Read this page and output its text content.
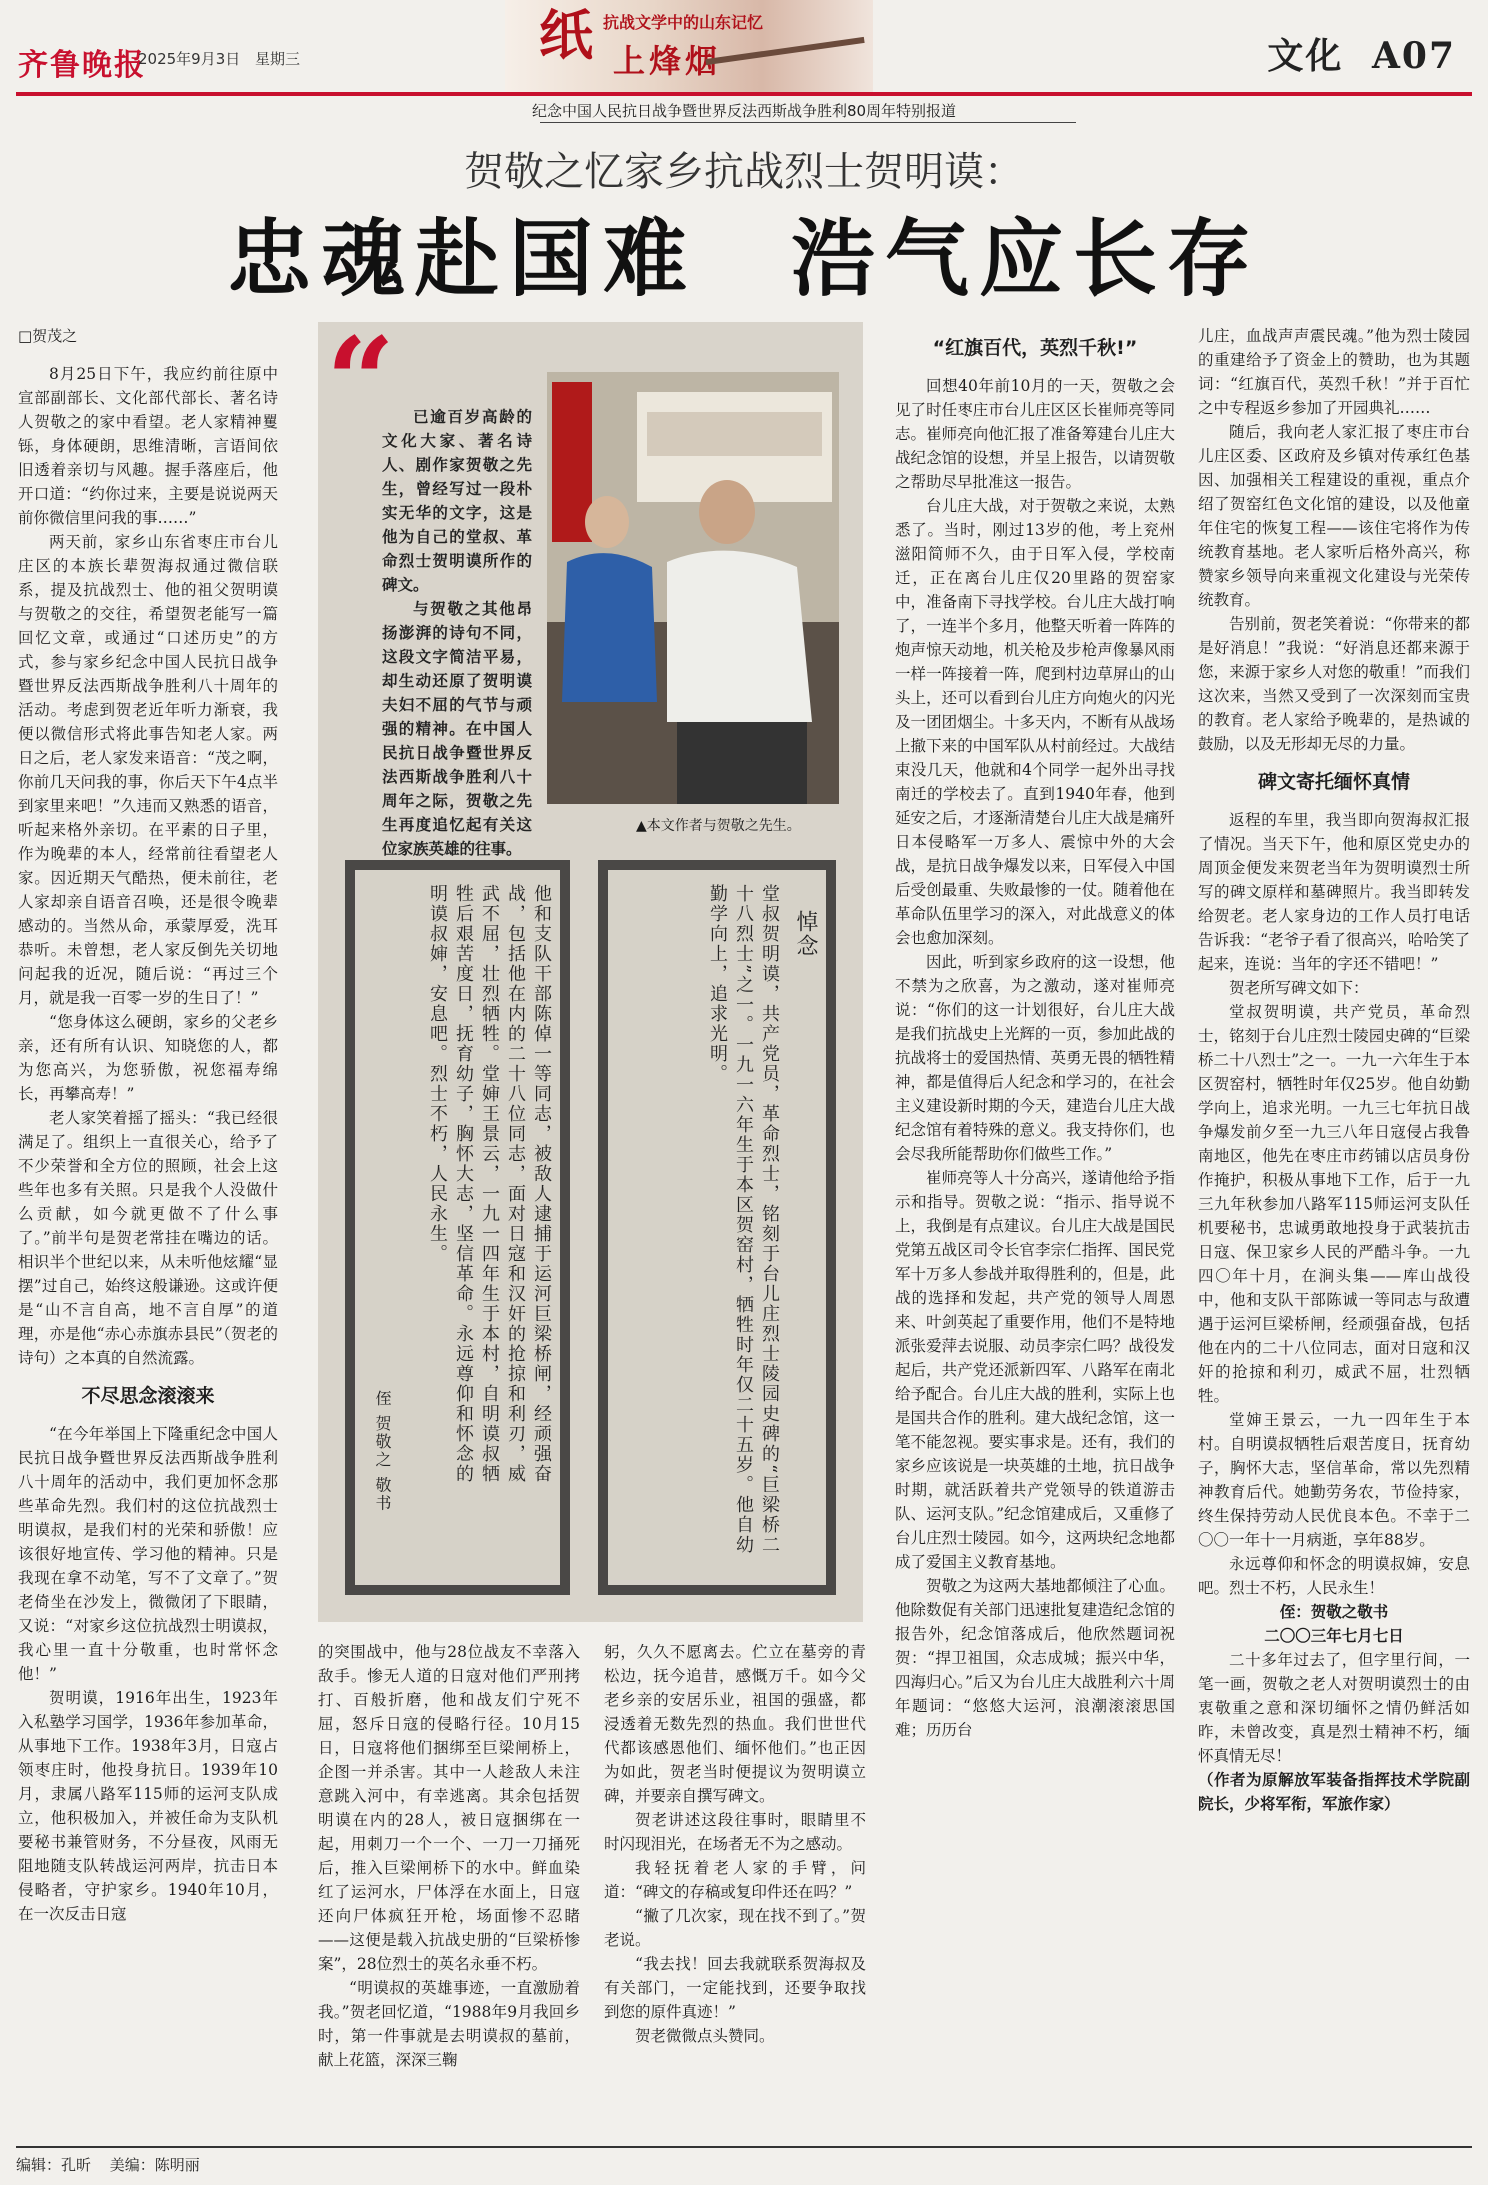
齐鲁晚报
2025年9月3日 星期三	纸 抗战文学中的山东记忆
上烽烟	文化 A07
纪念中国人民抗日战争暨世界反法西斯战争胜利80周年特别报道
贺敬之忆家乡抗战烈士贺明谟：
忠魂赴国难　浩气应长存
□贺茂之

8月25日下午，我应约前往原中宣部副部长、文化部代部长、著名诗人贺敬之的家中看望。老人家精神矍铄，身体硬朗，思维清晰，言语间依旧透着亲切与风趣。握手落座后，他开口道：“约你过来，主要是说说两天前你微信里问我的事……”

两天前，家乡山东省枣庄市台儿庄区的本族长辈贺海叔通过微信联系，提及抗战烈士、他的祖父贺明谟与贺敬之的交往，希望贺老能写一篇回忆文章，或通过“口述历史”的方式，参与家乡纪念中国人民抗日战争暨世界反法西斯战争胜利八十周年的活动。考虑到贺老近年听力渐衰，我便以微信形式将此事告知老人家。两日之后，老人家发来语音：“茂之啊，你前几天问我的事，你后天下午4点半到家里来吧！”久违而又熟悉的语音，听起来格外亲切。在平素的日子里，作为晚辈的本人，经常前往看望老人家。因近期天气酷热，便未前往，老人家却亲自语音召唤，还是很令晚辈感动的。当然从命，承蒙厚爱，洗耳恭听。未曾想，老人家反倒先关切地问起我的近况，随后说：“再过三个月，就是我一百零一岁的生日了！”

“您身体这么硬朗，家乡的父老乡亲，还有所有认识、知晓您的人，都为您高兴，为您骄傲，祝您福寿绵长，再攀高寿！”

老人家笑着摇了摇头：“我已经很满足了。组织上一直很关心，给予了不少荣誉和全方位的照顾，社会上这些年也多有关照。只是我个人没做什么贡献，如今就更做不了什么事了。”前半句是贺老常挂在嘴边的话。相识半个世纪以来，从未听他炫耀“显摆”过自己，始终这般谦逊。这或许便是“山不言自高，地不言自厚”的道理，亦是他“赤心赤旗赤县民”（贺老的诗句）之本真的自然流露。

不尽思念滚滚来

“在今年举国上下隆重纪念中国人民抗日战争暨世界反法西斯战争胜利八十周年的活动中，我们更加怀念那些革命先烈。我们村的这位抗战烈士明谟叔，是我们村的光荣和骄傲！应该很好地宣传、学习他的精神。只是我现在拿不动笔，写不了文章了。”贺老倚坐在沙发上，微微闭了下眼睛，又说：“对家乡这位抗战烈士明谟叔，我心里一直十分敬重，也时常怀念他！”

贺明谟，1916年出生，1923年入私塾学习国学，1936年参加革命，从事地下工作。1938年3月，日寇占领枣庄时，他投身抗日。1939年10月，隶属八路军115师的运河支队成立，他积极加入，并被任命为支队机要秘书兼管财务，不分昼夜，风雨无阻地随支队转战运河两岸，抗击日本侵略者，守护家乡。1940年10月，在一次反击日寇

“	已逾百岁高龄的文化大家、著名诗人、剧作家贺敬之先生，曾经写过一段朴实无华的文字，这是他为自己的堂叔、革命烈士贺明谟所作的碑文。

与贺敬之其他昂扬澎湃的诗句不同，这段文字简洁平易，却生动还原了贺明谟夫妇不屈的气节与顽强的精神。在中国人民抗日战争暨世界反法西斯战争胜利八十周年之际，贺敬之先生再度追忆起有关这位家族英雄的往事。

▲本文作者与贺敬之先生。
他和支队干部陈倬一等同志，被敌人逮捕于运河巨梁桥闸，经顽强奋战，包括他在内的二十八位同志，面对日寇和汉奸的抢掠和利刃，威武不屈，壮烈牺牲。堂婶王景云，一九一四年生于本村，自明谟叔牺牲后艰苦度日，抚育幼子，胸怀大志，坚信革命。永远尊仰和怀念的明谟叔婶，安息吧。烈士不朽，人民永生。
侄 贺敬之 敬书
悼念
堂叔贺明谟，共产党员，革命烈士，铭刻于台儿庄烈士陵园史碑的“巨梁桥二十八烈士”之一。一九一六年生于本区贺窑村，牺牲时年仅二十五岁。他自幼勤学向上，追求光明。

的突围战中，他与28位战友不幸落入敌手。惨无人道的日寇对他们严刑拷打、百般折磨，他和战友们宁死不屈，怒斥日寇的侵略行径。10月15日，日寇将他们捆绑至巨梁闸桥上，企图一并杀害。其中一人趁敌人未注意跳入河中，有幸逃离。其余包括贺明谟在内的28人，被日寇捆绑在一起，用刺刀一个一个、一刀一刀捅死后，推入巨梁闸桥下的水中。鲜血染红了运河水，尸体浮在水面上，日寇还向尸体疯狂开枪，场面惨不忍睹——这便是载入抗战史册的“巨梁桥惨案”，28位烈士的英名永垂不朽。

“明谟叔的英雄事迹，一直激励着我。”贺老回忆道，“1988年9月我回乡时，第一件事就是去明谟叔的墓前，献上花篮，深深三鞠

躬，久久不愿离去。伫立在墓旁的青松边，抚今追昔，感慨万千。如今父老乡亲的安居乐业，祖国的强盛，都浸透着无数先烈的热血。我们世世代代都该感恩他们、缅怀他们。”也正因为如此，贺老当时便提议为贺明谟立碑，并要亲自撰写碑文。

贺老讲述这段往事时，眼睛里不时闪现泪光，在场者无不为之感动。

我轻抚着老人家的手臂，问道：“碑文的存稿或复印件还在吗？”

“撇了几次家，现在找不到了。”贺老说。

“我去找！回去我就联系贺海叔及有关部门，一定能找到，还要争取找到您的原件真迹！”

贺老微微点头赞同。

“红旗百代，英烈千秋!”

回想40年前10月的一天，贺敬之会见了时任枣庄市台儿庄区区长崔师亮等同志。崔师亮向他汇报了准备筹建台儿庄大战纪念馆的设想，并呈上报告，以请贺敬之帮助尽早批准这一报告。

台儿庄大战，对于贺敬之来说，太熟悉了。当时，刚过13岁的他，考上兖州滋阳简师不久，由于日军入侵，学校南迁，正在离台儿庄仅20里路的贺窑家中，准备南下寻找学校。台儿庄大战打响了，一连半个多月，他整天听着一阵阵的炮声惊天动地，机关枪及步枪声像暴风雨一样一阵接着一阵，爬到村边草屏山的山头上，还可以看到台儿庄方向炮火的闪光及一团团烟尘。十多天内，不断有从战场上撤下来的中国军队从村前经过。大战结束没几天，他就和4个同学一起外出寻找南迁的学校去了。直到1940年春，他到延安之后，才逐渐清楚台儿庄大战是痛歼日本侵略军一万多人、震惊中外的大会战，是抗日战争爆发以来，日军侵入中国后受创最重、失败最惨的一仗。随着他在革命队伍里学习的深入，对此战意义的体会也愈加深刻。

因此，听到家乡政府的这一设想，他不禁为之欣喜，为之激动，遂对崔师亮说：“你们的这一计划很好，台儿庄大战是我们抗战史上光辉的一页，参加此战的抗战将士的爱国热情、英勇无畏的牺牲精神，都是值得后人纪念和学习的，在社会主义建设新时期的今天，建造台儿庄大战纪念馆有着特殊的意义。我支持你们，也会尽我所能帮助你们做些工作。”

崔师亮等人十分高兴，遂请他给予指示和指导。贺敬之说：“指示、指导说不上，我倒是有点建议。台儿庄大战是国民党第五战区司令长官李宗仁指挥、国民党军十万多人参战并取得胜利的，但是，此战的选择和发起，共产党的领导人周恩来、叶剑英起了重要作用，他们不是特地派张爱萍去说服、动员李宗仁吗？战役发起后，共产党还派新四军、八路军在南北给予配合。台儿庄大战的胜利，实际上也是国共合作的胜利。建大战纪念馆，这一笔不能忽视。要实事求是。还有，我们的家乡应该说是一块英雄的土地，抗日战争时期，就活跃着共产党领导的铁道游击队、运河支队。”纪念馆建成后，又重修了台儿庄烈士陵园。如今，这两块纪念地都成了爱国主义教育基地。

贺敬之为这两大基地都倾注了心血。他除数促有关部门迅速批复建造纪念馆的报告外，纪念馆落成后，他欣然题词祝贺：“捍卫祖国，众志成城；振兴中华，四海归心。”后又为台儿庄大战胜利六十周年题词：“悠悠大运河，浪潮滚滚思国难；历历台

儿庄，血战声声震民魂。”他为烈士陵园的重建给予了资金上的赞助，也为其题词：“红旗百代，英烈千秋！”并于百忙之中专程返乡参加了开园典礼……

随后，我向老人家汇报了枣庄市台儿庄区委、区政府及乡镇对传承红色基因、加强相关工程建设的重视，重点介绍了贺窑红色文化馆的建设，以及他童年住宅的恢复工程——该住宅将作为传统教育基地。老人家听后格外高兴，称赞家乡领导向来重视文化建设与光荣传统教育。

告别前，贺老笑着说：“你带来的都是好消息！”我说：“好消息还都来源于您，来源于家乡人对您的敬重！”而我们这次来，当然又受到了一次深刻而宝贵的教育。老人家给予晚辈的，是热诚的鼓励，以及无形却无尽的力量。

碑文寄托缅怀真情

返程的车里，我当即向贺海叔汇报了情况。当天下午，他和原区党史办的周顶金便发来贺老当年为贺明谟烈士所写的碑文原样和墓碑照片。我当即转发给贺老。老人家身边的工作人员打电话告诉我：“老爷子看了很高兴，哈哈笑了起来，连说：当年的字还不错吧！”

贺老所写碑文如下：

堂叔贺明谟，共产党员，革命烈士，铭刻于台儿庄烈士陵园史碑的“巨梁桥二十八烈士”之一。一九一六年生于本区贺窑村，牺牲时年仅25岁。他自幼勤学向上，追求光明。一九三七年抗日战争爆发前夕至一九三八年日寇侵占我鲁南地区，他先在枣庄市药铺以店员身份作掩护，积极从事地下工作，后于一九三九年秋参加八路军115师运河支队任机要秘书，忠诚勇敢地投身于武装抗击日寇、保卫家乡人民的严酷斗争。一九四〇年十月，在涧头集——库山战役中，他和支队干部陈诚一等同志与敌遭遇于运河巨梁桥闸，经顽强奋战，包括他在内的二十八位同志，面对日寇和汉奸的抢掠和利刃，威武不屈，壮烈牺牲。

堂婶王景云，一九一四年生于本村。自明谟叔牺牲后艰苦度日，抚育幼子，胸怀大志，坚信革命，常以先烈精神教育后代。她勤劳务农，节俭持家，终生保持劳动人民优良本色。不幸于二〇〇一年十一月病逝，享年88岁。

永远尊仰和怀念的明谟叔婶，安息吧。烈士不朽，人民永生！

侄：贺敬之敬书
二〇〇三年七月七日

二十多年过去了，但字里行间，一笔一画，贺敬之老人对贺明谟烈士的由衷敬重之意和深切缅怀之情仍鲜活如昨，未曾改变，真是烈士精神不朽，缅怀真情无尽！

（作者为原解放军装备指挥技术学院副院长，少将军衔，军旅作家）

编辑：孔昕 美编：陈明丽
